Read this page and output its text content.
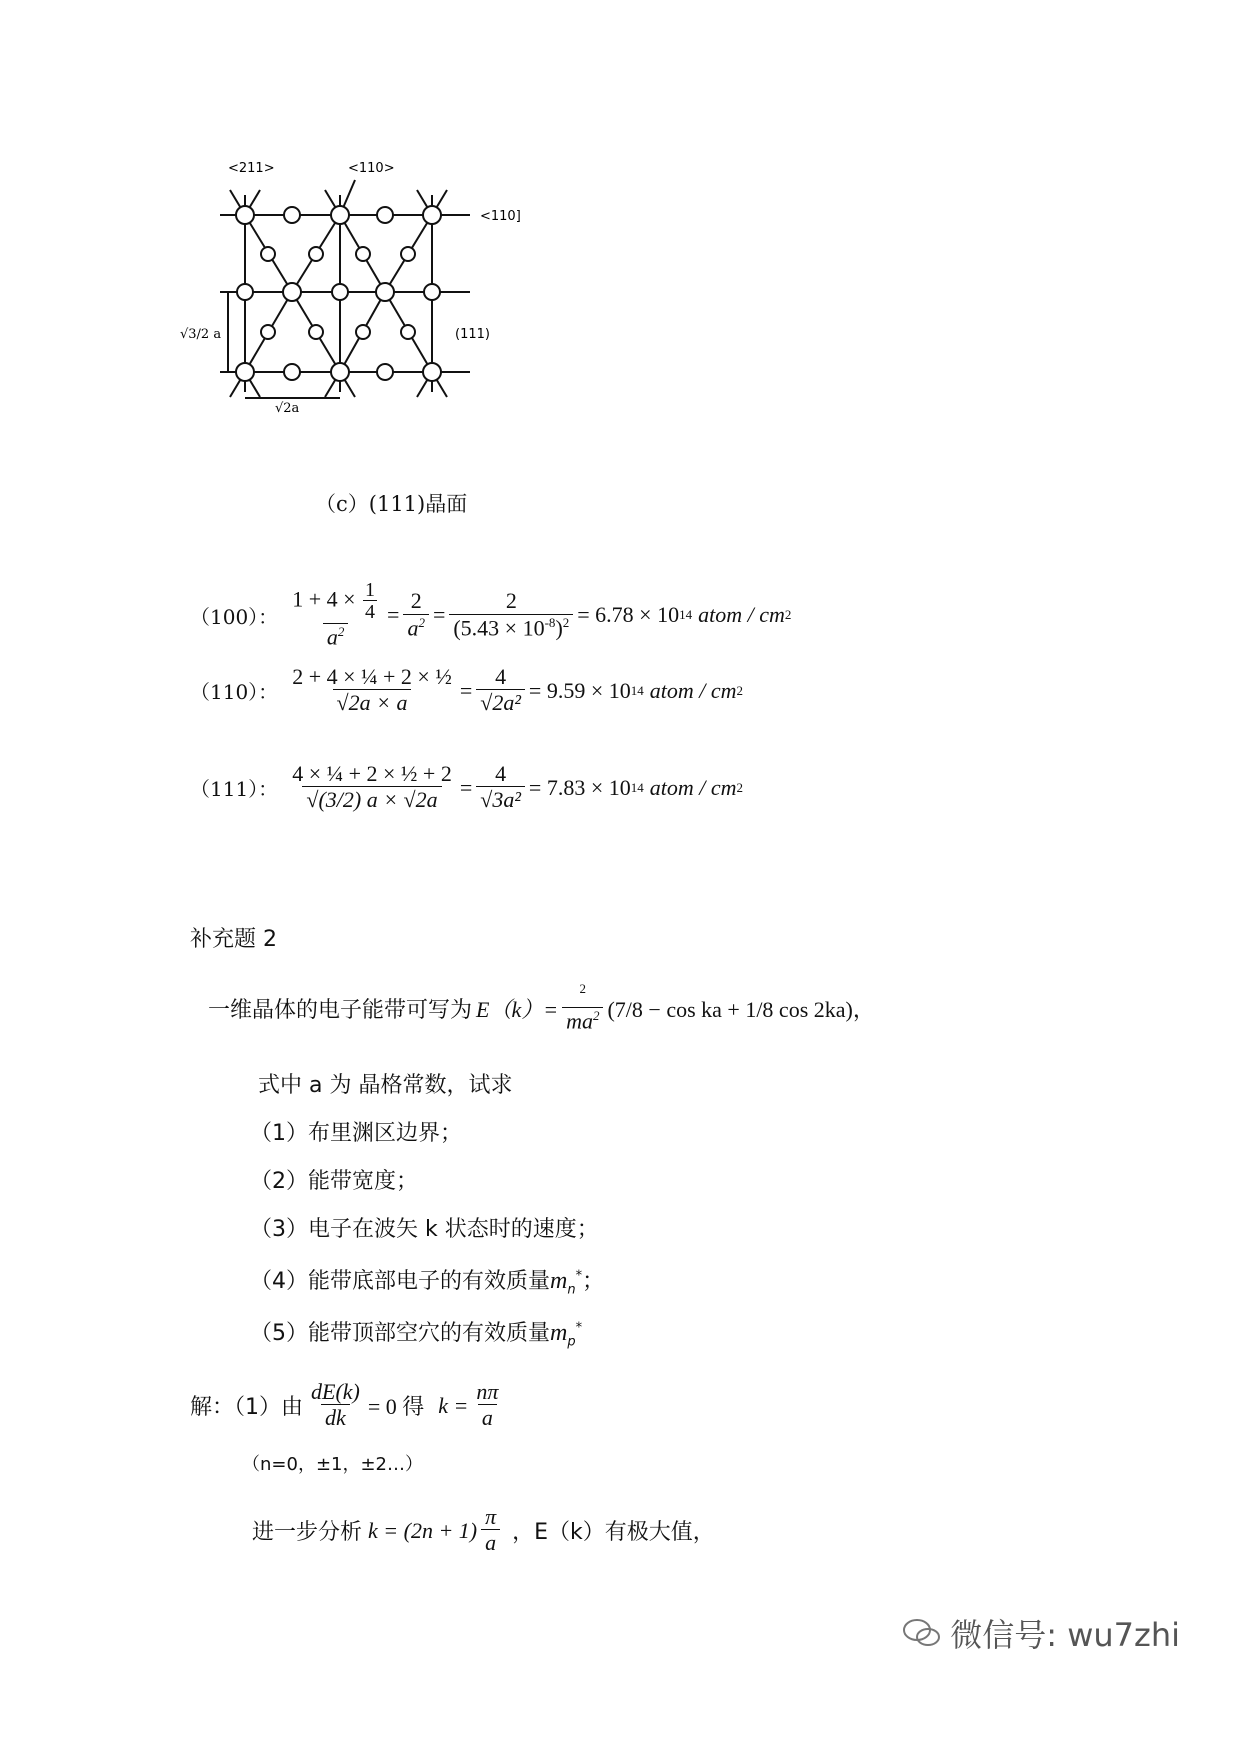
<211>	<110>
<110]
(111)
√3/2 a
√2a
（c）(111)晶面
（100）： $\frac{1 + 4 \times \frac{1}{4}}{a^2} = \frac{2}{a^2} = \frac{2}{(5.43 \times 10^{-8})^2} = 6.78 \times 10$ 14 atom / cm 2
（110）： $\frac{\text{2 + 4 × ¼ + 2 × ½}}{√2a \times a} = \frac{4}{\text{√2a²}} = 9.59 \times 10$ 14 atom / cm 2
（111）： $\frac{\text{4 × ¼ + 2 × ½ + 2}}{√(3/2) a \times √2a} = \frac{4}{\text{√3a²}} = 7.83 \times 10$ 14 atom / cm 2
补充题 2
一维晶体的电子能带可写为 $E(k)= \frac{^2}{ma^2} (7/8 - \cos$ ka + 1/8 cos 2ka)，
式中 a 为 晶格常数，试求
（1）布里渊区边界；
（2）能带宽度；
（3）电子在波矢 k 状态时的速度；
（4）能带底部电子的有效质量$m_n^*$；
（5）能带顶部空穴的有效质量$m_p^*$
解：（1）由 $\frac{dE(k)}{dk} = 0$ 得 $k = \frac{n\pi}{a}$
（n=0，±1，±2…）
进一步分析 $k = (2n + 1) \frac{\pi}{a}$ ，E（k）有极大值，
微信号: wu7zhi
